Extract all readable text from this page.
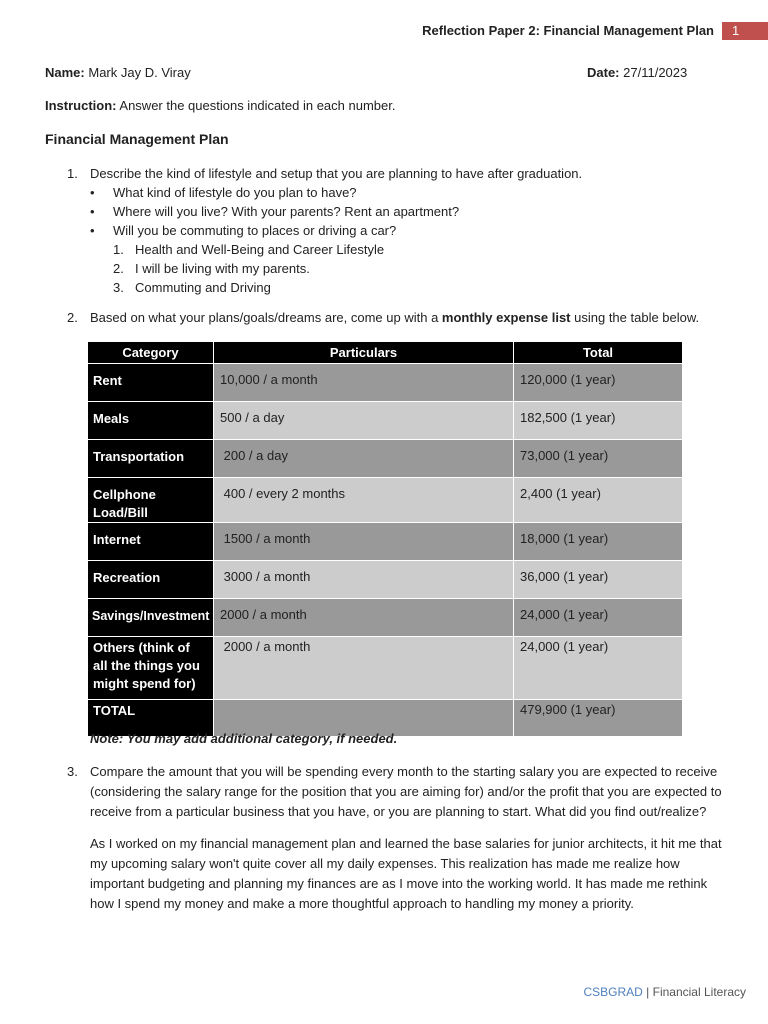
Reflection Paper 2: Financial Management Plan	1
Name: Mark Jay D. Viray	Date: 27/11/2023
Instruction: Answer the questions indicated in each number.
Financial Management Plan
1. Describe the kind of lifestyle and setup that you are planning to have after graduation.
• What kind of lifestyle do you plan to have?
• Where will you live? With your parents? Rent an apartment?
• Will you be commuting to places or driving a car?
1. Health and Well-Being and Career Lifestyle
2. I will be living with my parents.
3. Commuting and Driving
2. Based on what your plans/goals/dreams are, come up with a monthly expense list using the table below.
Category	Particulars	Total
Rent	10,000 / a month	120,000 (1 year)
Meals	500 / a day	182,500 (1 year)
Transportation	200 / a day	73,000 (1 year)
Cellphone Load/Bill	400 / every 2 months	2,400 (1 year)
Internet	1500 / a month	18,000 (1 year)
Recreation	3000 / a month	36,000 (1 year)
Savings/Investment	2000 / a month	24,000 (1 year)
Others (think of all the things you might spend for)	2000 / a month	24,000 (1 year)
TOTAL		479,900 (1 year)
Note: You may add additional category, if needed.
3. Compare the amount that you will be spending every month to the starting salary you are expected to receive (considering the salary range for the position that you are aiming for) and/or the profit that you are expected to receive from a particular business that you have, or you are planning to start. What did you find out/realize?
As I worked on my financial management plan and learned the base salaries for junior architects, it hit me that my upcoming salary won't quite cover all my daily expenses. This realization has made me realize how important budgeting and planning my finances are as I move into the working world. It has made me rethink how I spend my money and make a more thoughtful approach to handling my money a priority.
CSBGRAD | Financial Literacy
